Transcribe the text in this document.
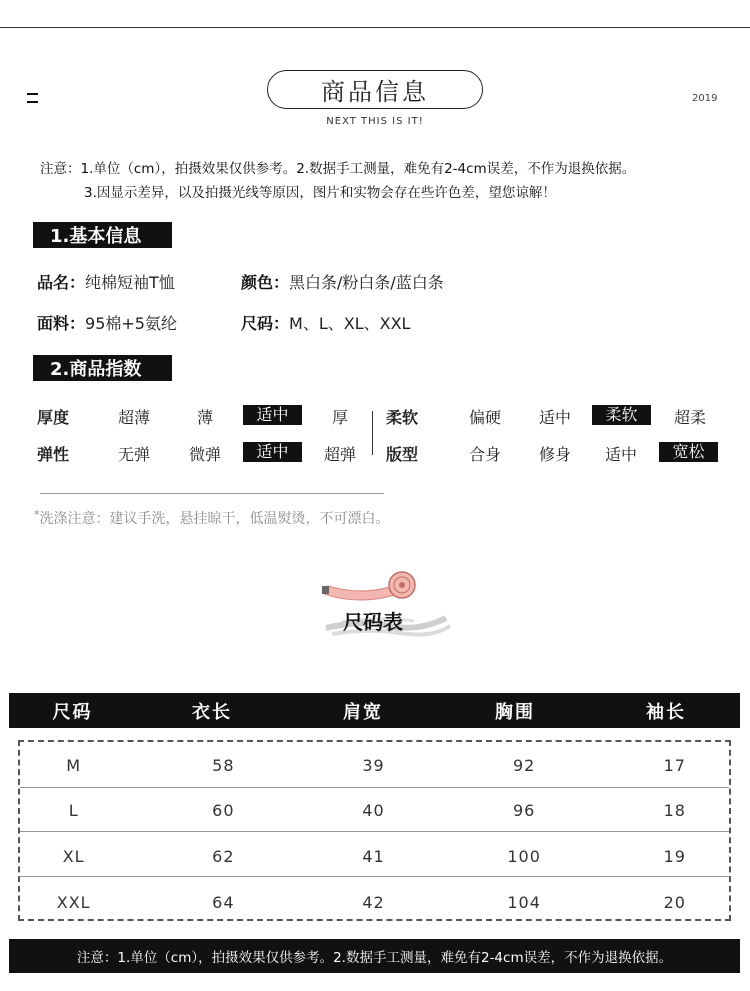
商品信息
NEXT THIS IS IT!
2019
注意：1.单位（cm），拍摄效果仅供参考。2.数据手工测量，难免有2-4cm误差，不作为退换依据。
3.因显示差异，以及拍摄光线等原因，图片和实物会存在些许色差，望您谅解！
1.基本信息
品名：纯棉短袖T恤	颜色：黑白条/粉白条/蓝白条
面料：95棉+5氨纶	尺码：M、L、XL、XXL
2.商品指数
厚度	超薄	薄	适中	厚	柔软	偏硬	适中	柔软	超柔
弹性	无弹	微弹	适中	超弹	版型	合身	修身	适中	宽松
*洗涤注意：建议手洗，悬挂晾干，低温熨烫，不可漂白。
尺码表
尺码	衣长	肩宽	胸围	袖长
M	58	39	92	17
L	60	40	96	18
XL	62	41	100	19
XXL	64	42	104	20
注意：1.单位（cm），拍摄效果仅供参考。2.数据手工测量，难免有2-4cm误差，不作为退换依据。
